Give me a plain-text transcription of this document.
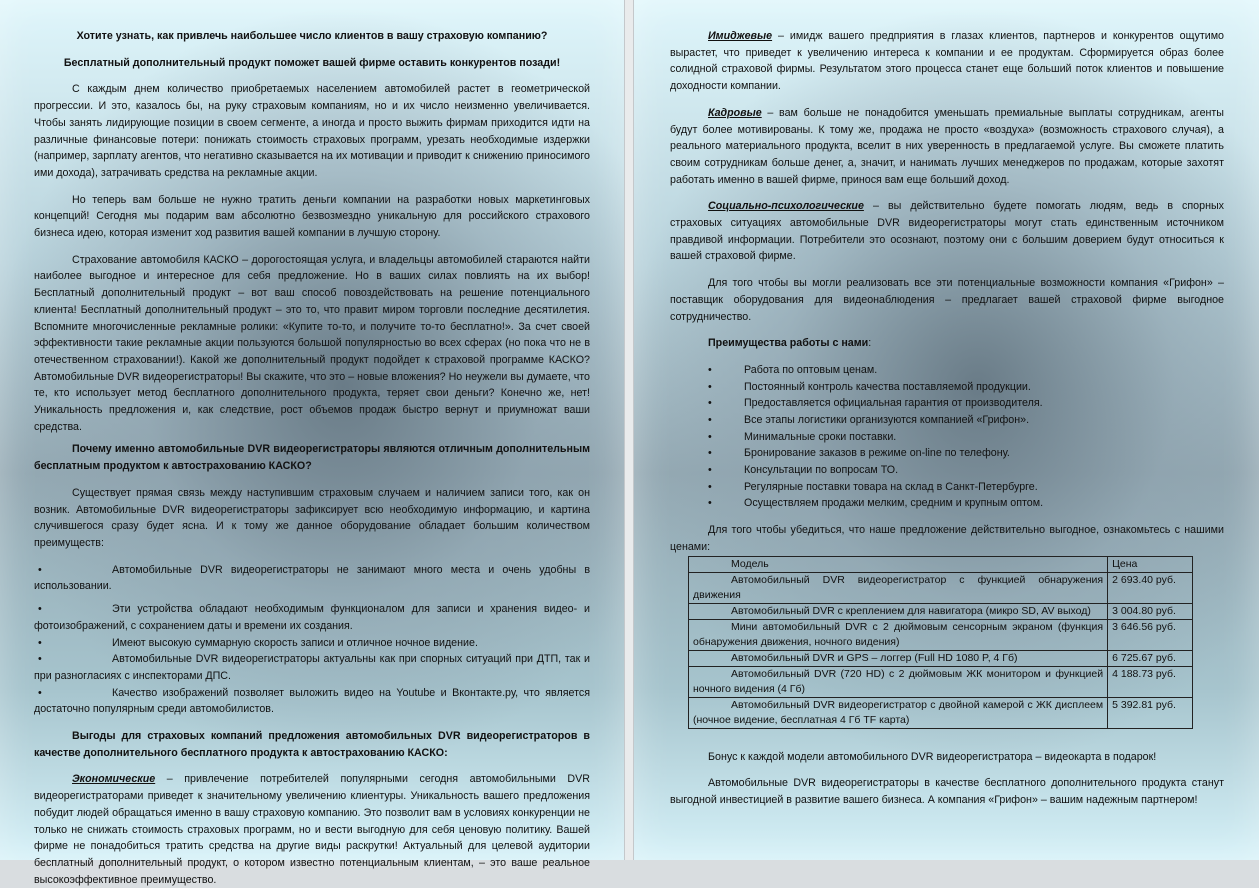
Хотите узнать, как привлечь наибольшее число клиентов в вашу страховую компанию?

Бесплатный дополнительный продукт поможет вашей фирме оставить конкурентов позади!

С каждым днем количество приобретаемых населением автомобилей растет в геометрической прогрессии. И это, казалось бы, на руку страховым компаниям, но и их число неизменно увеличивается. Чтобы занять лидирующие позиции в своем сегменте, а иногда и просто выжить фирмам приходится идти на различные финансовые потери: понижать стоимость страховых программ, урезать необходимые издержки (например, зарплату агентов, что негативно сказывается на их мотивации и приводит к снижению приносимого ими дохода), затрачивать средства на рекламные акции.

Но теперь вам больше не нужно тратить деньги компании на разработки новых маркетинговых концепций! Сегодня мы подарим вам абсолютно безвозмездно уникальную для российского страхового бизнеса идею, которая изменит ход развития вашей компании в лучшую сторону.

Страхование автомобиля КАСКО – дорогостоящая услуга, и владельцы автомобилей стараются найти наиболее выгодное и интересное для себя предложение. Но в ваших силах повлиять на их выбор! Бесплатный дополнительный продукт – вот ваш способ повоздействовать на решение потенциального клиента! Бесплатный дополнительный продукт – это то, что правит миром торговли последние десятилетия. Вспомните многочисленные рекламные ролики: «Купите то-то, и получите то-то бесплатно!». За счет своей эффективности такие рекламные акции пользуются большой популярностью во всех сферах (но пока что не в отечественном страховании!). Какой же дополнительный продукт подойдет к страховой программе КАСКО? Автомобильные DVR видеорегистраторы! Вы скажите, что это – новые вложения? Но неужели вы думаете, что те, кто использует метод бесплатного дополнительного продукта, теряет свои деньги? Конечно же, нет! Уникальность предложения и, как следствие, рост объемов продаж быстро вернут и приумножат ваши средства.

Почему именно автомобильные DVR видеорегистраторы являются отличным дополнительным бесплатным продуктом к автострахованию КАСКО?

Существует прямая связь между наступившим страховым случаем и наличием записи того, как он возник. Автомобильные DVR видеорегистраторы зафиксирует всю необходимую информацию, и картина случившегося сразу будет ясна. И к тому же данное оборудование обладает большим количеством преимуществ:

•	Автомобильные DVR видеорегистраторы не занимают много места и очень удобны в использовании.

•	Эти устройства обладают необходимым функционалом для записи и хранения видео- и фотоизображений, с сохранением даты и времени их создания.

•	Имеют высокую суммарную скорость записи и отличное ночное видение.

•	Автомобильные DVR видеорегистраторы актуальны как при спорных ситуаций при ДТП, так и при разногласиях с инспекторами ДПС.

•	Качество изображений позволяет выложить видео на Youtube и Вконтакте.ру, что является достаточно популярным среди автомобилистов.

Выгоды для страховых компаний предложения автомобильных DVR видеорегистраторов в качестве дополнительного бесплатного продукта к автострахованию КАСКО:

Экономические – привлечение потребителей популярными сегодня автомобильными DVR видеорегистраторами приведет к значительному увеличению клиентуры. Уникальность вашего предложения побудит людей обращаться именно в вашу страховую компанию. Это позволит вам в условиях конкуренции не только не снижать стоимость страховых программ, но и вести выгодную для себя ценовую политику. Вашей фирме не понадобиться тратить средства на другие виды раскрутки! Актуальный для целевой аудитории бесплатный дополнительный продукт, о котором известно потенциальным клиентам, – это ваше реальное высокоэффективное преимущество.

Имиджевые – имидж вашего предприятия в глазах клиентов, партнеров и конкурентов ощутимо вырастет, что приведет к увеличению интереса к компании и ее продуктам. Сформируется образ более солидной страховой фирмы. Результатом этого процесса станет еще больший поток клиентов и повышение доходности компании.

Кадровые – вам больше не понадобится уменьшать премиальные выплаты сотрудникам, агенты будут более мотивированы. К тому же, продажа не просто «воздуха» (возможность страхового случая), а реального материального продукта, вселит в них уверенность в предлагаемой услуге. Вы сможете платить своим сотрудникам больше денег, а, значит, и нанимать лучших менеджеров по продажам, которые захотят работать именно в вашей фирме, принося вам еще больший доход.

Социально-психологические – вы действительно будете помогать людям, ведь в спорных страховых ситуациях автомобильные DVR видеорегистраторы могут стать единственным источником правдивой информации. Потребители это осознают, поэтому они с большим доверием будут относиться к вашей страховой фирме.

Для того чтобы вы могли реализовать все эти потенциальные возможности компания «Грифон» – поставщик оборудования для видеонаблюдения – предлагает вашей страховой фирме выгодное сотрудничество.

Преимущества работы с нами:

•	Работа по оптовым ценам.
•	Постоянный контроль качества поставляемой продукции.
•	Предоставляется официальная гарантия от производителя.
•	Все этапы логистики организуются компанией «Грифон».
•	Минимальные сроки поставки.
•	Бронирование заказов в режиме on-line по телефону.
•	Консультации по вопросам ТО.
•	Регулярные поставки товара на склад в Санкт-Петербурге.
•	Осуществляем продажи мелким, средним и крупным оптом.

Для того чтобы убедиться, что наше предложение действительно выгодное, ознакомьтесь с нашими ценами:

Модель	Цена
Автомобильный DVR видеорегистратор с функцией обнаружения движения	2 693.40 руб.
Автомобильный DVR с креплением для навигатора (микро SD, AV выход)	3 004.80 руб.
Мини автомобильный DVR с 2 дюймовым сенсорным экраном (функция обнаружения движения, ночного видения)	3 646.56 руб.
Автомобильный DVR и GPS – логгер (Full HD 1080 P, 4 Гб)	6 725.67 руб.
Автомобильный DVR (720 HD) с 2 дюймовым ЖК монитором и функцией ночного видения (4 Гб)	4 188.73 руб.
Автомобильный DVR видеорегистратор с двойной камерой с ЖК дисплеем (ночное видение, бесплатная 4 Гб TF карта)	5 392.81 руб.

Бонус к каждой модели автомобильного DVR видеорегистратора – видеокарта в подарок!

Автомобильные DVR видеорегистраторы в качестве бесплатного дополнительного продукта станут выгодной инвестицией в развитие вашего бизнеса. А компания «Грифон» – вашим надежным партнером!
